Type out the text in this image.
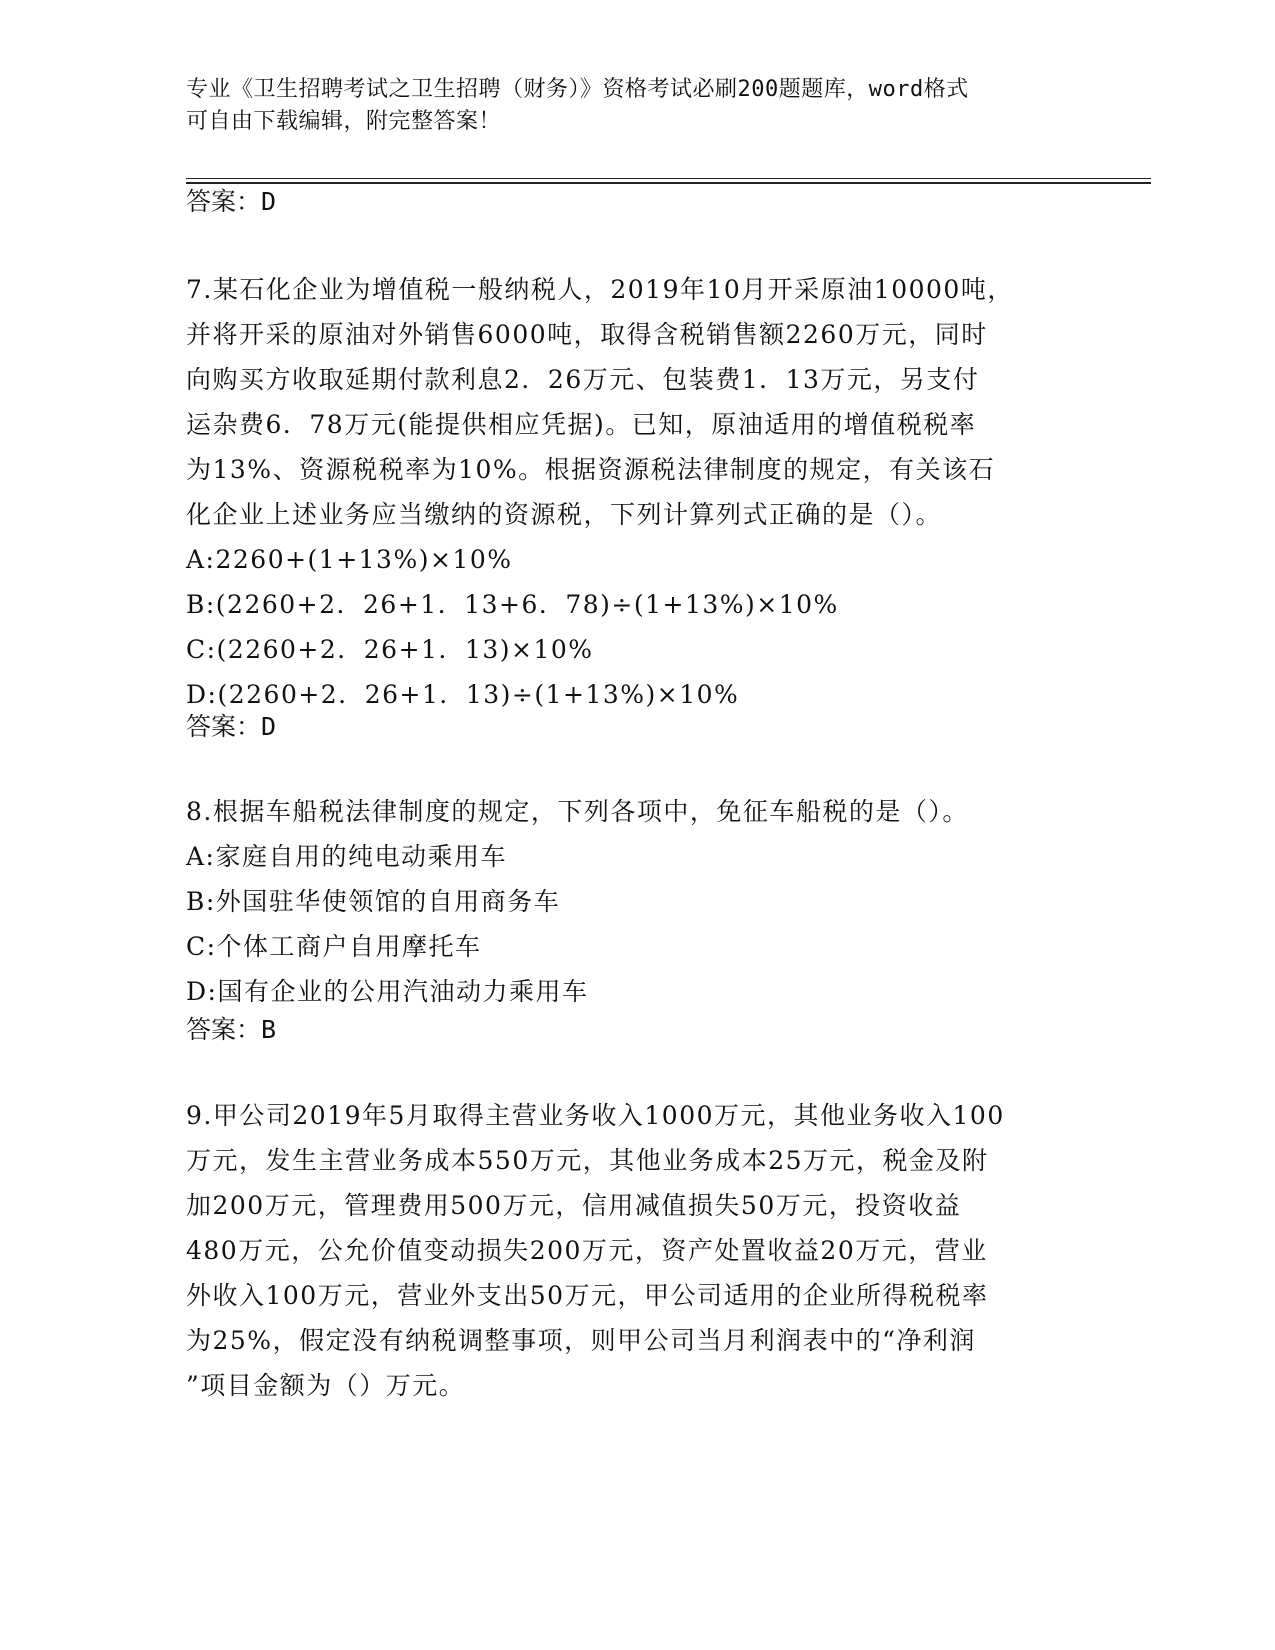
专业《卫生招聘考试之卫生招聘（财务）》资格考试必刷200题题库，word格式
可自由下载编辑，附完整答案！
答案：D

7.某石化企业为增值税一般纳税人，2019年10月开采原油10000吨，

并将开采的原油对外销售6000吨，取得含税销售额2260万元，同时

向购买方收取延期付款利息2．26万元、包装费1．13万元，另支付

运杂费6．78万元(能提供相应凭据)。已知，原油适用的增值税税率

为13%、资源税税率为10%。根据资源税法律制度的规定，有关该石

化企业上述业务应当缴纳的资源税，下列计算列式正确的是（）。

A:2260+(1+13%)×10%
B:(2260+2．26+1．13+6．78)÷(1+13%)×10%
C:(2260+2．26+1．13)×10%
D:(2260+2．26+1．13)÷(1+13%)×10%
答案：D

8.根据车船税法律制度的规定，下列各项中，免征车船税的是（）。

A:家庭自用的纯电动乘用车
B:外国驻华使领馆的自用商务车
C:个体工商户自用摩托车
D:国有企业的公用汽油动力乘用车
答案：B

9.甲公司2019年5月取得主营业务收入1000万元，其他业务收入100

万元，发生主营业务成本550万元，其他业务成本25万元，税金及附

加200万元，管理费用500万元，信用减值损失50万元，投资收益

480万元，公允价值变动损失200万元，资产处置收益20万元，营业

外收入100万元，营业外支出50万元，甲公司适用的企业所得税税率

为25%，假定没有纳税调整事项，则甲公司当月利润表中的“净利润

”项目金额为（）万元。
